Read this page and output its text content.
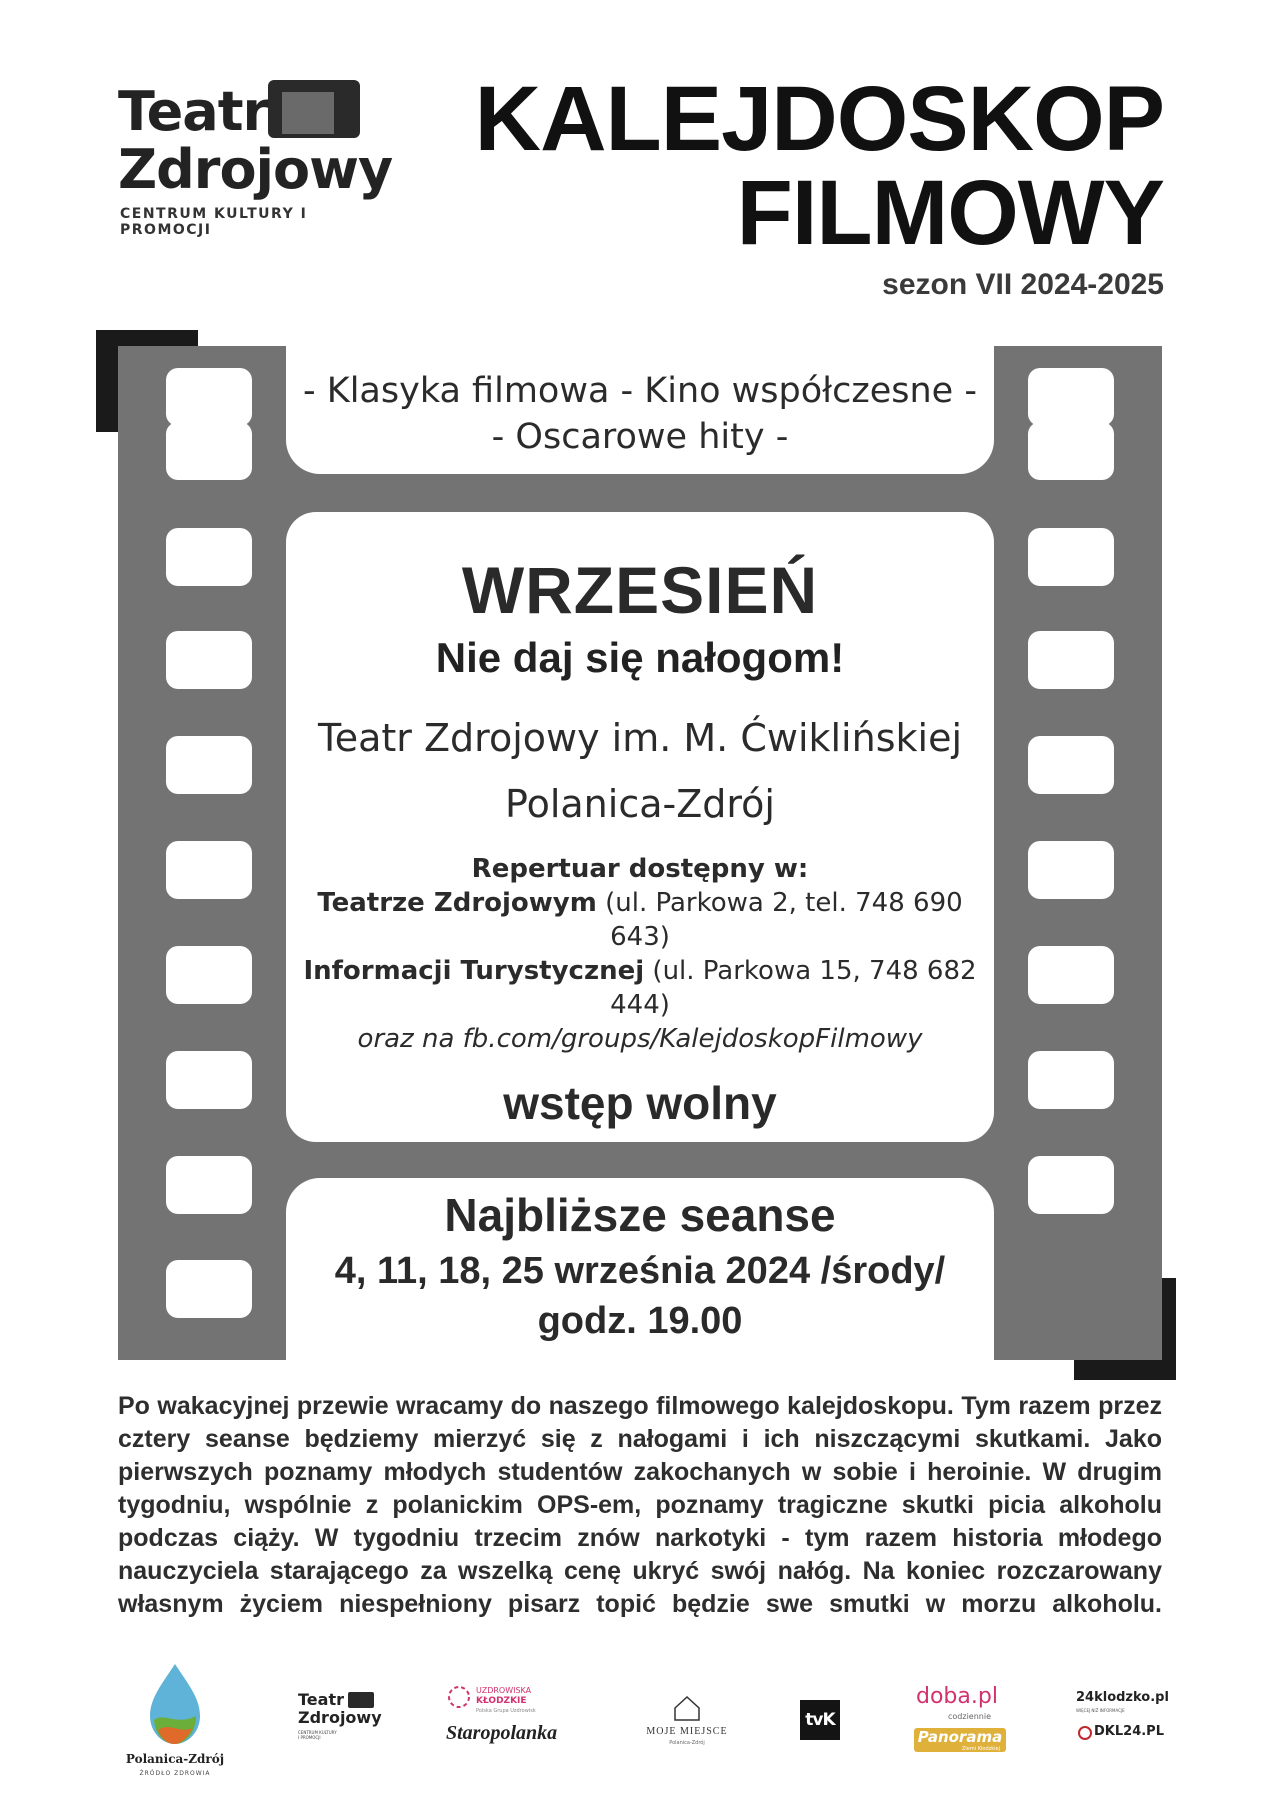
Teatr
Zdrojowy
CENTRUM KULTURY I PROMOCJI
KALEJDOSKOP
FILMOWY
sezon VII 2024-2025
- Klasyka filmowa - Kino współczesne -
- Oscarowe hity -
WRZESIEŃ
Nie daj się nałogom!
Teatr Zdrojowy im. M. Ćwiklińskiej
Polanica-Zdrój
Repertuar dostępny w:
Teatrze Zdrojowym (ul. Parkowa 2, tel. 748 690 643)
Informacji Turystycznej (ul. Parkowa 15, 748 682 444)
oraz na fb.com/groups/KalejdoskopFilmowy
wstęp wolny
Najbliższe seanse
4, 11, 18, 25 września 2024 /środy/
godz. 19.00
Po wakacyjnej przewie wracamy do naszego filmowego kalejdoskopu. Tym razem przez cztery seanse będziemy mierzyć się z nałogami i ich niszczącymi skutkami. Jako pierwszych poznamy młodych studentów zakochanych w sobie i heroinie. W drugim tygodniu, wspólnie z polanickim OPS-em, poznamy tragiczne skutki picia alkoholu podczas ciąży. W tygodniu trzecim znów narkotyki - tym razem historia młodego nauczyciela starającego za wszelką cenę ukryć swój nałóg. Na koniec rozczarowany własnym życiem niespełniony pisarz topić będzie swe smutki w morzu alkoholu.
Polanica-Zdrój
ŹRÓDŁO ZDROWIA
Teatr
Zdrojowy
CENTRUM KULTURY I PROMOCJI
UZDROWISKA
KŁODZKIE
Polska Grupa Uzdrowisk
Staropolanka	MOJE MIEJSCE
Polanica-Zdrój
tvK
doba.pl
codziennie
Panorama
Ziemi Kłodzkiej
24klodzko.pl
WIĘCEJ NIŻ INFORMACJE
DKL24.PL
